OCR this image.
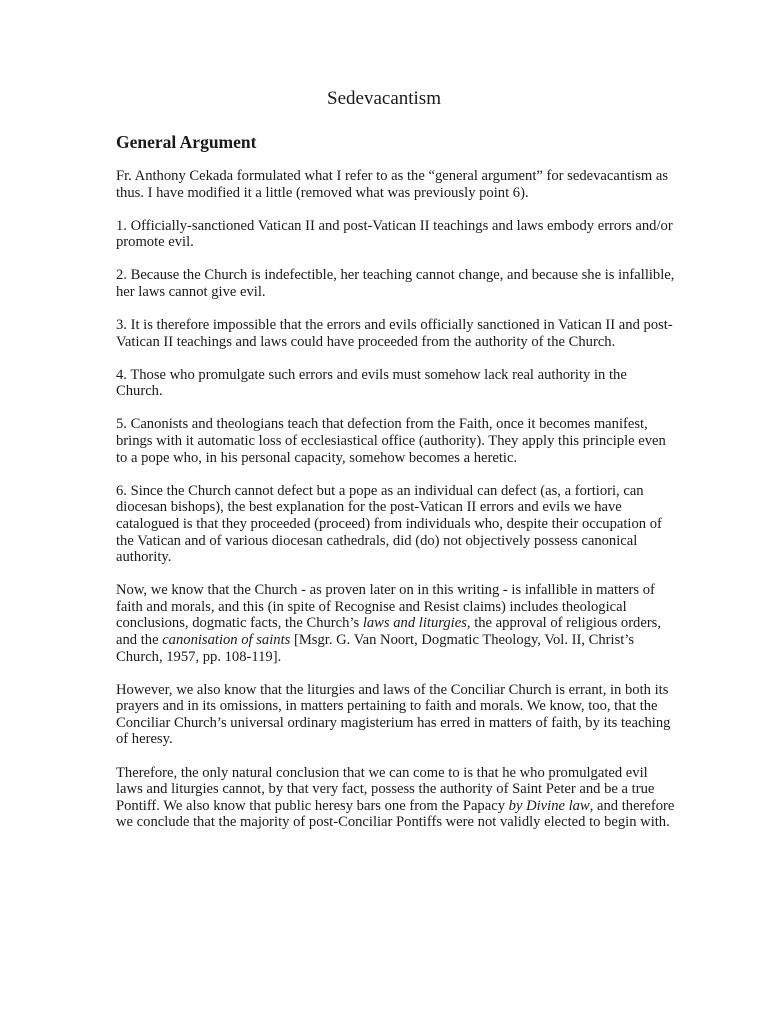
Sedevacantism
General Argument

Fr. Anthony Cekada formulated what I refer to as the “general argument” for sedevacantism as thus. I have modified it a little (removed what was previously point 6).

1. Officially-sanctioned Vatican II and post-Vatican II teachings and laws embody errors and/or promote evil.

2. Because the Church is indefectible, her teaching cannot change, and because she is infallible, her laws cannot give evil.

3. It is therefore impossible that the errors and evils officially sanctioned in Vatican II and post-Vatican II teachings and laws could have proceeded from the authority of the Church.

4. Those who promulgate such errors and evils must somehow lack real authority in the Church.

5. Canonists and theologians teach that defection from the Faith, once it becomes manifest, brings with it automatic loss of ecclesiastical office (authority). They apply this principle even to a pope who, in his personal capacity, somehow becomes a heretic.

6. Since the Church cannot defect but a pope as an individual can defect (as, a fortiori, can diocesan bishops), the best explanation for the post-Vatican II errors and evils we have catalogued is that they proceeded (proceed) from individuals who, despite their occupation of the Vatican and of various diocesan cathedrals, did (do) not objectively possess canonical authority.

Now, we know that the Church - as proven later on in this writing - is infallible in matters of faith and morals, and this (in spite of Recognise and Resist claims) includes theological conclusions, dogmatic facts, the Church’s laws and liturgies, the approval of religious orders, and the canonisation of saints [Msgr. G. Van Noort, Dogmatic Theology, Vol. II, Christ’s Church, 1957, pp. 108-119].

However, we also know that the liturgies and laws of the Conciliar Church is errant, in both its prayers and in its omissions, in matters pertaining to faith and morals. We know, too, that the Conciliar Church’s universal ordinary magisterium has erred in matters of faith, by its teaching of heresy.

Therefore, the only natural conclusion that we can come to is that he who promulgated evil laws and liturgies cannot, by that very fact, possess the authority of Saint Peter and be a true Pontiff. We also know that public heresy bars one from the Papacy by Divine law, and therefore we conclude that the majority of post-Conciliar Pontiffs were not validly elected to begin with.
